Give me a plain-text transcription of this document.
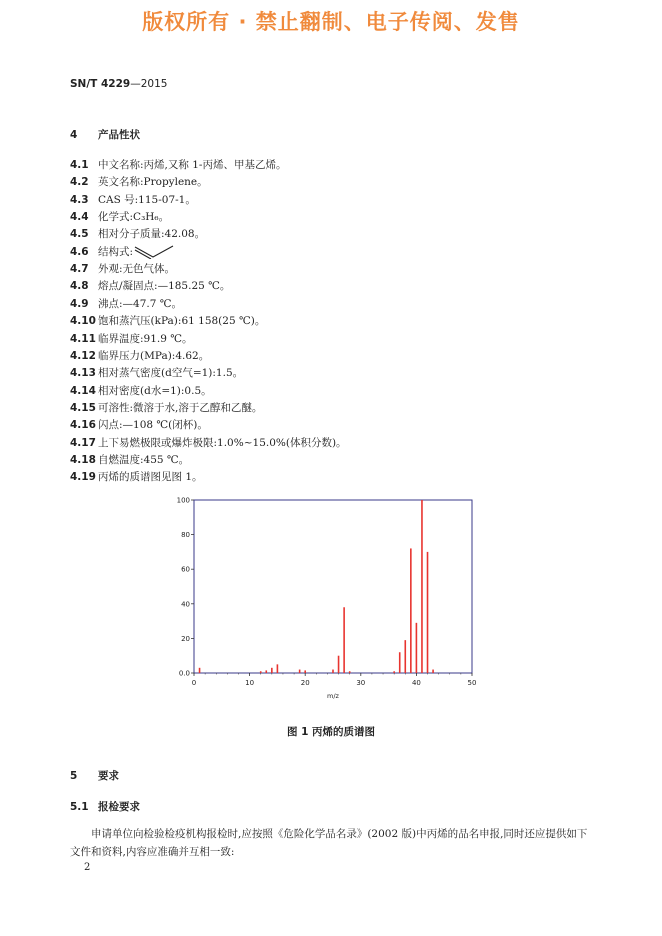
版权所有 · 禁止翻制、电子传阅、发售
SN/T 4229—2015
4 产品性状
4.1 中文名称:丙烯,又称 1-丙烯、甲基乙烯。
4.2 英文名称:Propylene。
4.3 CAS 号:115-07-1。
4.4 化学式:C₃H₆。
4.5 相对分子质量:42.08。
4.6 结构式:
4.7 外观:无色气体。
4.8 熔点/凝固点:—185.25 ℃。
4.9 沸点:—47.7 ℃。
4.10 饱和蒸汽压(kPa):61 158(25 ℃)。
4.11 临界温度:91.9 ℃。
4.12 临界压力(MPa):4.62。
4.13 相对蒸气密度(d空气=1):1.5。
4.14 相对密度(d水=1):0.5。
4.15 可溶性:微溶于水,溶于乙醇和乙醚。
4.16 闪点:—108 ℃(闭杯)。
4.17 上下易燃极限或爆炸极限:1.0%~15.0%(体积分数)。
4.18 自燃温度:455 ℃。
4.19 丙烯的质谱图见图 1。
0.0
20
40
60
80
100
0	10	20	30	40	50
m/z
图 1 丙烯的质谱图
5 要求
5.1 报检要求
申请单位向检验检疫机构报检时,应按照《危险化学品名录》(2002 版)中丙烯的品名申报,同时还应提供如下文件和资料,内容应准确并互相一致:
2
